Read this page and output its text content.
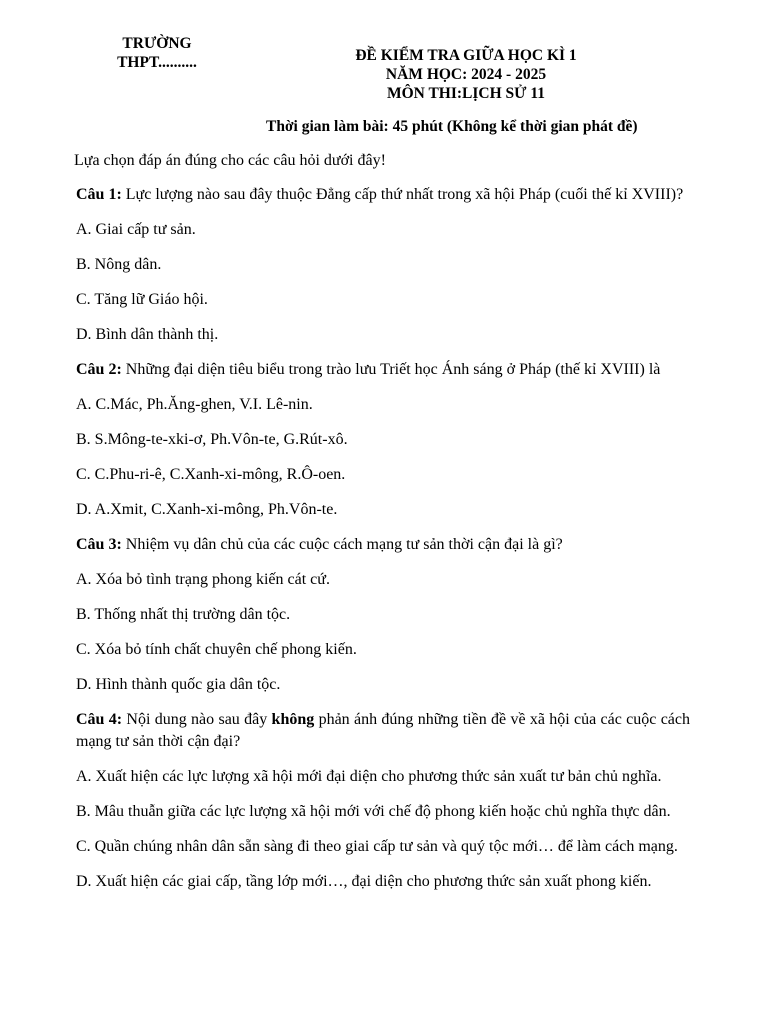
TRƯỜNG
THPT..........	ĐỀ KIỂM TRA GIỮA HỌC KÌ 1
NĂM HỌC: 2024 - 2025
MÔN THI:LỊCH SỬ 11
Thời gian làm bài: 45 phút (Không kể thời gian phát đề)
Lựa chọn đáp án đúng cho các câu hỏi dưới đây!

Câu 1: Lực lượng nào sau đây thuộc Đẳng cấp thứ nhất trong xã hội Pháp (cuối thế kỉ XVIII)?

A. Giai cấp tư sản.

B. Nông dân.

C. Tăng lữ Giáo hội.

D. Bình dân thành thị.

Câu 2: Những đại diện tiêu biểu trong trào lưu Triết học Ánh sáng ở Pháp (thế kỉ XVIII) là

A. C.Mác, Ph.Ăng-ghen, V.I. Lê-nin.

B. S.Mông-te-xki-ơ, Ph.Vôn-te, G.Rút-xô.

C. C.Phu-ri-ê, C.Xanh-xi-mông, R.Ô-oen.

D. A.Xmit, C.Xanh-xi-mông, Ph.Vôn-te.

Câu 3: Nhiệm vụ dân chủ của các cuộc cách mạng tư sản thời cận đại là gì?

A. Xóa bỏ tình trạng phong kiến cát cứ.

B. Thống nhất thị trường dân tộc.

C. Xóa bỏ tính chất chuyên chế phong kiến.

D. Hình thành quốc gia dân tộc.

Câu 4: Nội dung nào sau đây không phản ánh đúng những tiền đề về xã hội của các cuộc cách mạng tư sản thời cận đại?

A. Xuất hiện các lực lượng xã hội mới đại diện cho phương thức sản xuất tư bản chủ nghĩa.

B. Mâu thuẫn giữa các lực lượng xã hội mới với chế độ phong kiến hoặc chủ nghĩa thực dân.

C. Quần chúng nhân dân sẵn sàng đi theo giai cấp tư sản và quý tộc mới… để làm cách mạng.

D. Xuất hiện các giai cấp, tầng lớp mới…, đại diện cho phương thức sản xuất phong kiến.
